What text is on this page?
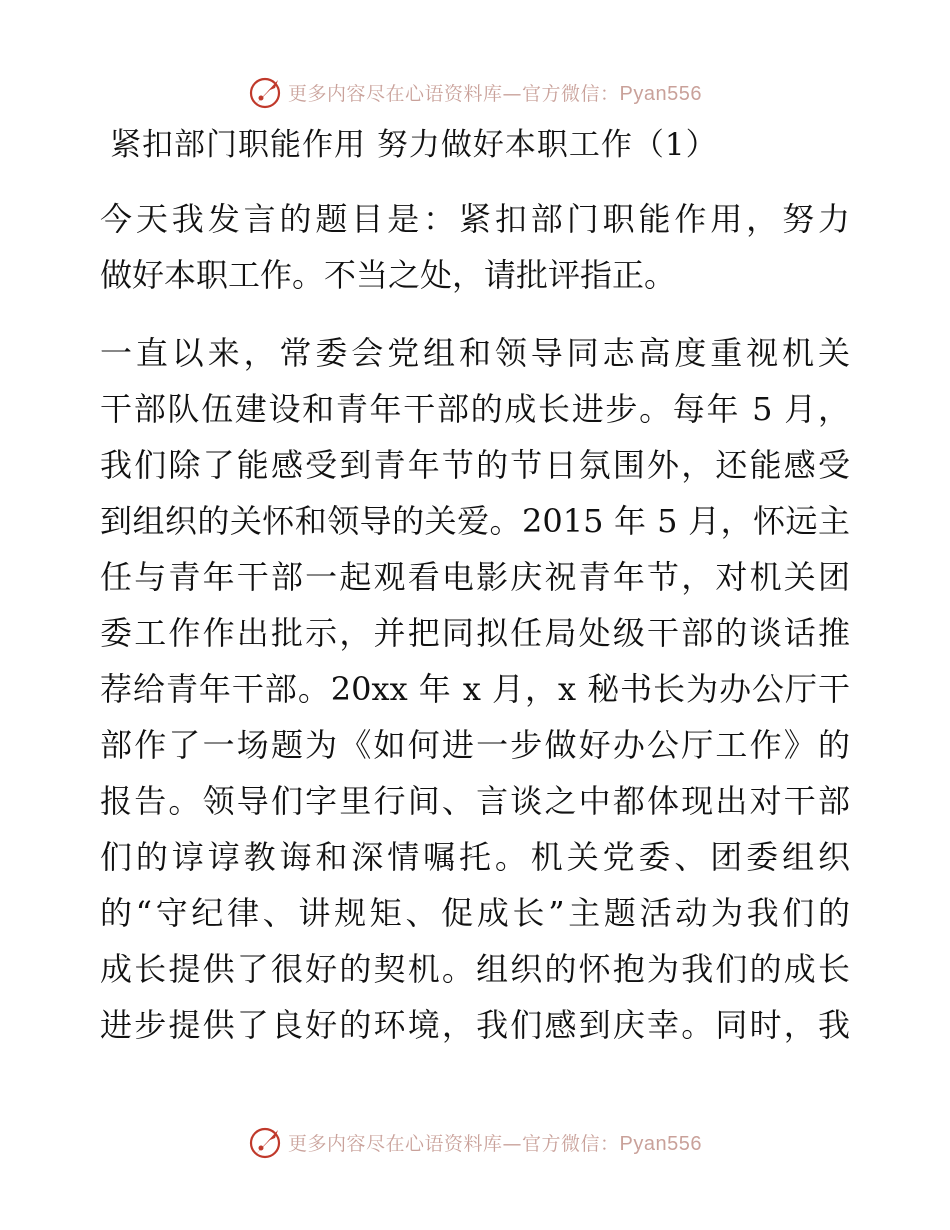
更多内容尽在心语资料库—官方微信：Pyan556
紧扣部门职能作用 努力做好本职工作（1）

今天我发言的题目是：紧扣部门职能作用，努力
做好本职工作。不当之处，请批评指正。

一直以来，常委会党组和领导同志高度重视机关
干部队伍建设和青年干部的成长进步。每年 5 月，
我们除了能感受到青年节的节日氛围外，还能感受
到组织的关怀和领导的关爱。2015 年 5 月，怀远主
任与青年干部一起观看电影庆祝青年节，对机关团
委工作作出批示，并把同拟任局处级干部的谈话推
荐给青年干部。20xx 年 x 月，x 秘书长为办公厅干
部作了一场题为《如何进一步做好办公厅工作》的
报告。领导们字里行间、言谈之中都体现出对干部
们的谆谆教诲和深情嘱托。机关党委、团委组织
的“守纪律、讲规矩、促成长”主题活动为我们的
成长提供了很好的契机。组织的怀抱为我们的成长
进步提供了良好的环境，我们感到庆幸。同时，我

更多内容尽在心语资料库—官方微信：Pyan556
